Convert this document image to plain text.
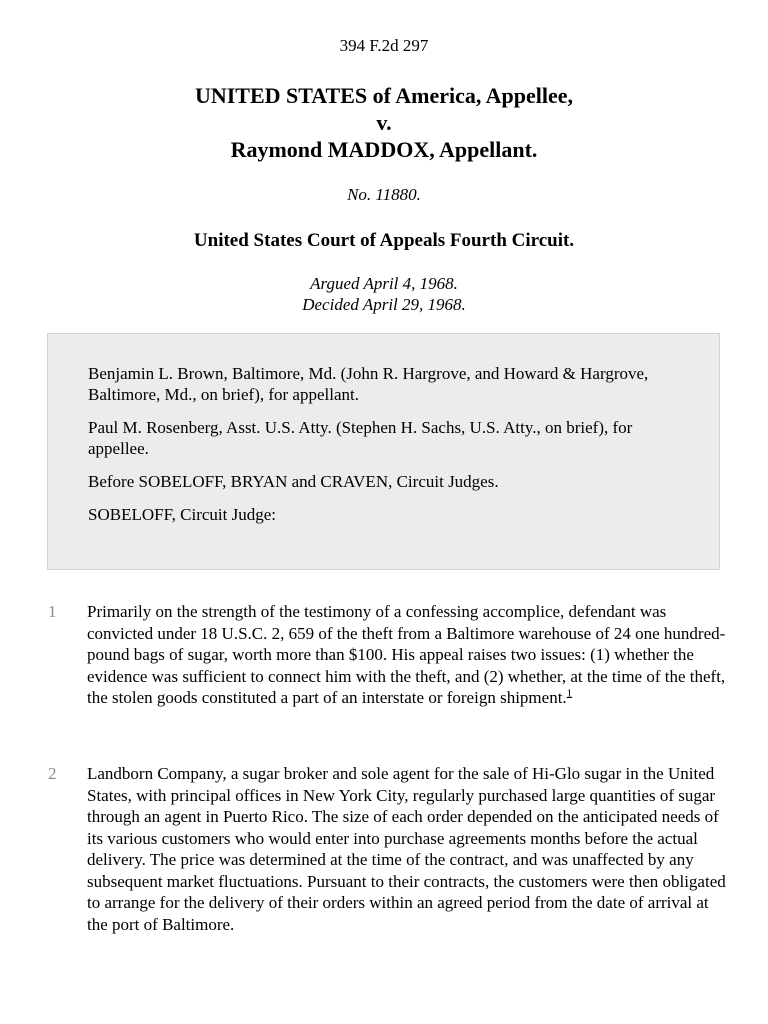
394 F.2d 297
UNITED STATES of America, Appellee,
v.
Raymond MADDOX, Appellant.
No. 11880.
United States Court of Appeals Fourth Circuit.
Argued April 4, 1968.
Decided April 29, 1968.

Benjamin L. Brown, Baltimore, Md. (John R. Hargrove, and Howard & Hargrove, Baltimore, Md., on brief), for appellant.

Paul M. Rosenberg, Asst. U.S. Atty. (Stephen H. Sachs, U.S. Atty., on brief), for appellee.

Before SOBELOFF, BRYAN and CRAVEN, Circuit Judges.

SOBELOFF, Circuit Judge:

1 Primarily on the strength of the testimony of a confessing accomplice, defendant was convicted under 18 U.S.C. 2, 659 of the theft from a Baltimore warehouse of 24 one hundred-pound bags of sugar, worth more than $100. His appeal raises two issues: (1) whether the evidence was sufficient to connect him with the theft, and (2) whether, at the time of the theft, the stolen goods constituted a part of an interstate or foreign shipment.$^1$
2 Landborn Company, a sugar broker and sole agent for the sale of Hi-Glo sugar in the United States, with principal offices in New York City, regularly purchased large quantities of sugar through an agent in Puerto Rico. The size of each order depended on the anticipated needs of its various customers who would enter into purchase agreements months before the actual delivery. The price was determined at the time of the contract, and was unaffected by any subsequent market fluctuations. Pursuant to their contracts, the customers were then obligated to arrange for the delivery of their orders within an agreed period from the date of arrival at the port of Baltimore.
